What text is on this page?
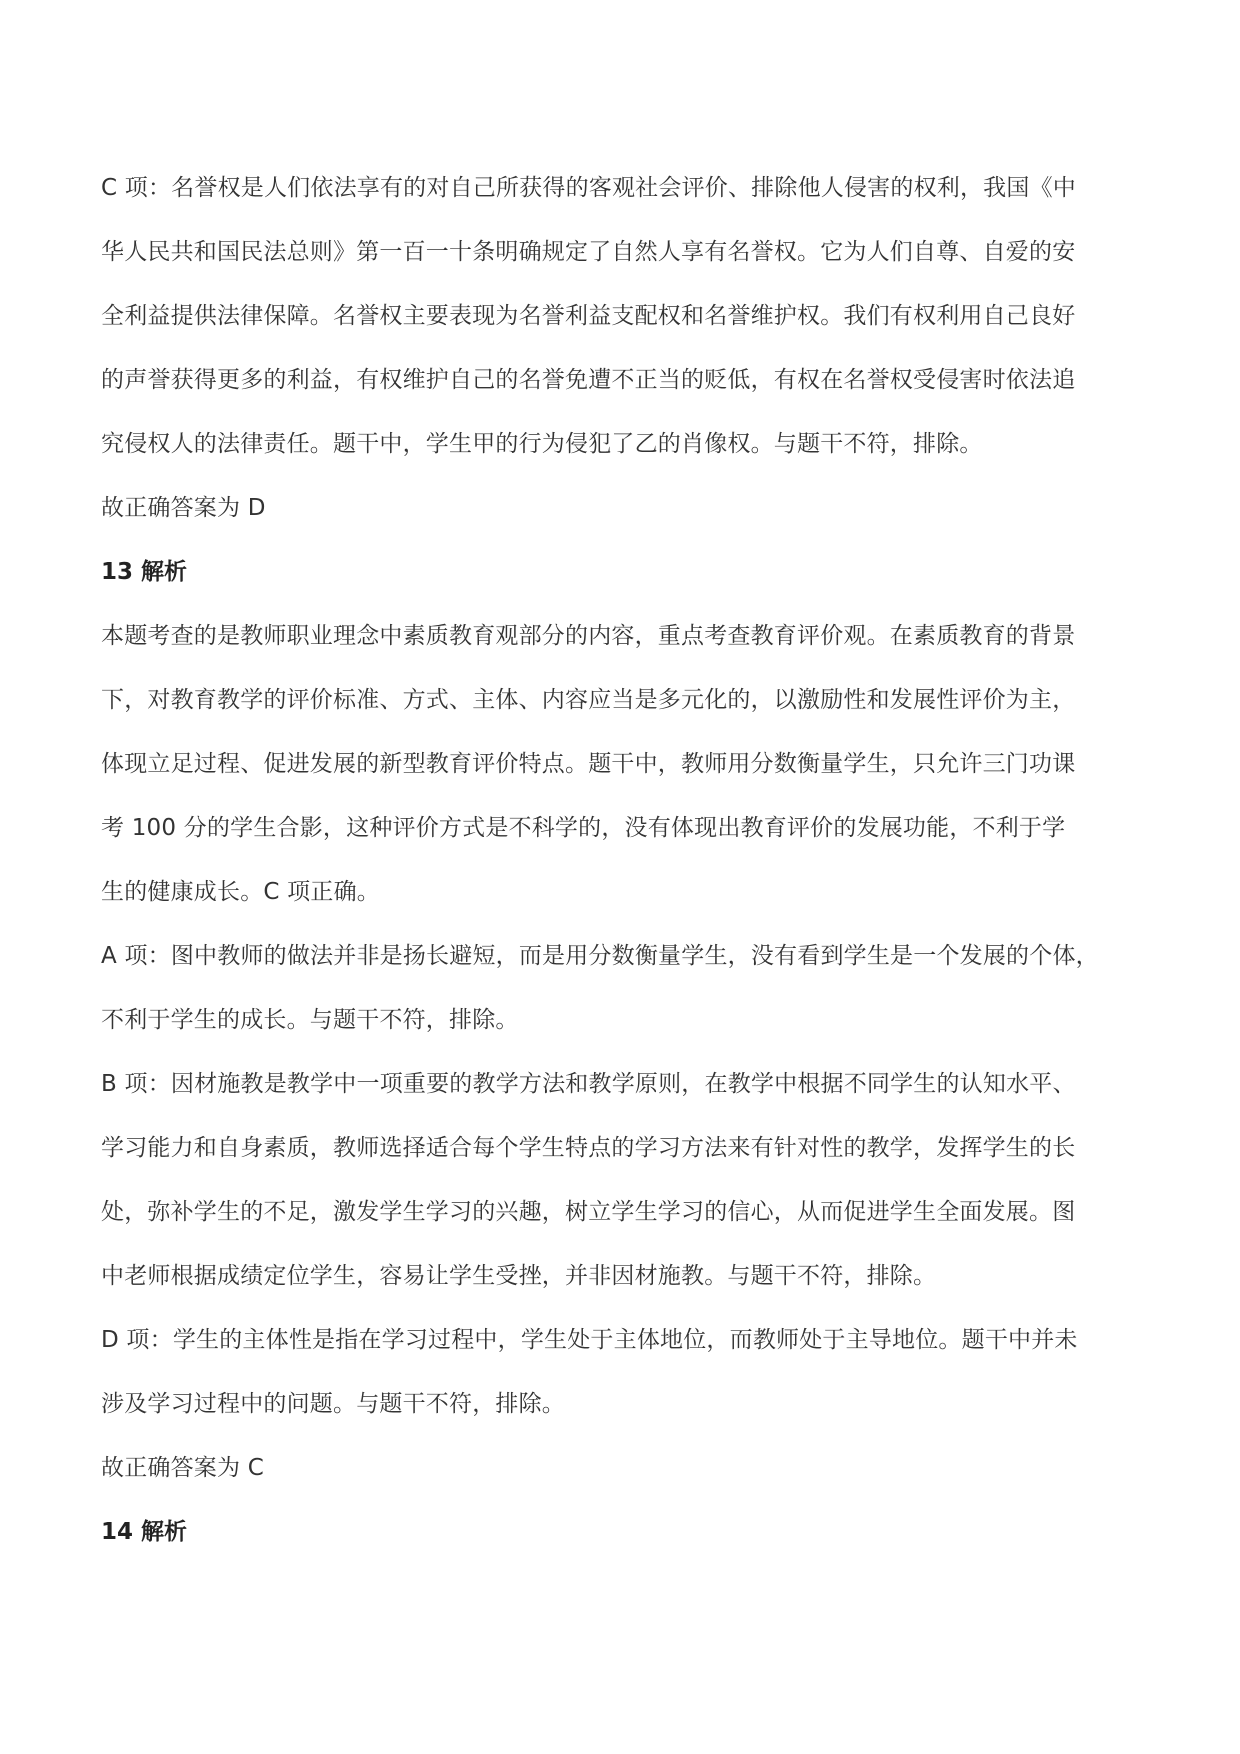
C 项：名誉权是人们依法享有的对自己所获得的客观社会评价、排除他人侵害的权利，我国《中
华人民共和国民法总则》第一百一十条明确规定了自然人享有名誉权。它为人们自尊、自爱的安
全利益提供法律保障。名誉权主要表现为名誉利益支配权和名誉维护权。我们有权利用自己良好
的声誉获得更多的利益，有权维护自己的名誉免遭不正当的贬低，有权在名誉权受侵害时依法追
究侵权人的法律责任。题干中，学生甲的行为侵犯了乙的肖像权。与题干不符，排除。

故正确答案为 D

13 解析

本题考查的是教师职业理念中素质教育观部分的内容，重点考查教育评价观。在素质教育的背景
下，对教育教学的评价标准、方式、主体、内容应当是多元化的，以激励性和发展性评价为主，
体现立足过程、促进发展的新型教育评价特点。题干中，教师用分数衡量学生，只允许三门功课
考 100 分的学生合影，这种评价方式是不科学的，没有体现出教育评价的发展功能，不利于学
生的健康成长。C 项正确。

A 项：图中教师的做法并非是扬长避短，而是用分数衡量学生，没有看到学生是一个发展的个体，
不利于学生的成长。与题干不符，排除。

B 项：因材施教是教学中一项重要的教学方法和教学原则，在教学中根据不同学生的认知水平、
学习能力和自身素质，教师选择适合每个学生特点的学习方法来有针对性的教学，发挥学生的长
处，弥补学生的不足，激发学生学习的兴趣，树立学生学习的信心，从而促进学生全面发展。图
中老师根据成绩定位学生，容易让学生受挫，并非因材施教。与题干不符，排除。

D 项：学生的主体性是指在学习过程中，学生处于主体地位，而教师处于主导地位。题干中并未
涉及学习过程中的问题。与题干不符，排除。

故正确答案为 C

14 解析
